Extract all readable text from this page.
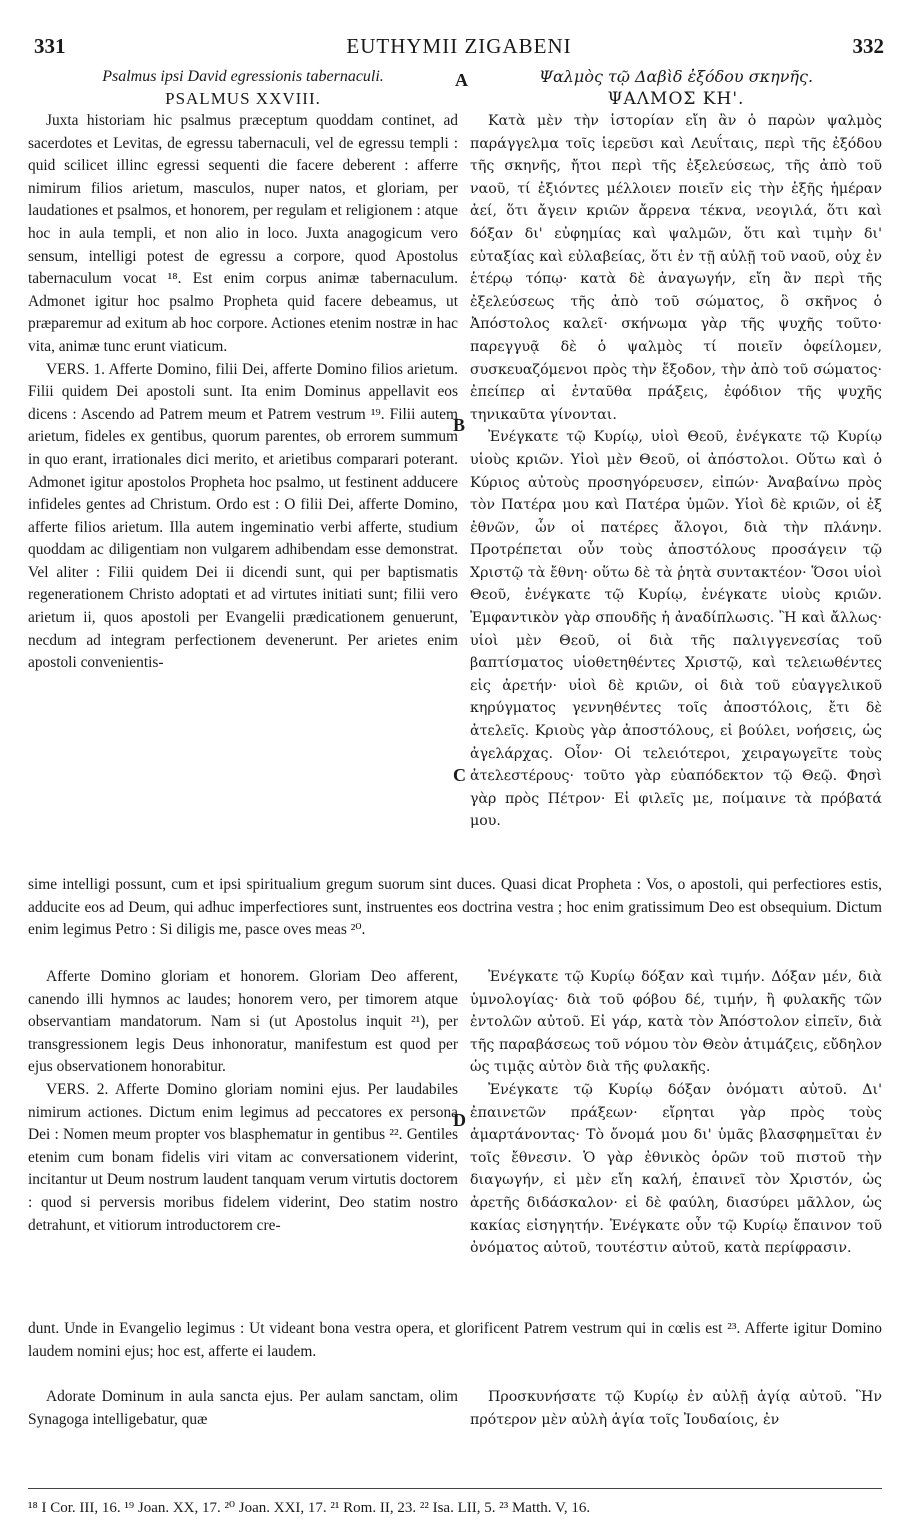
331	EUTHYMII ZIGABENI	332
A
B
C
D

Psalmus ipsi David egressionis tabernaculi.

PSALMUS XXVIII.

Juxta historiam hic psalmus præceptum quoddam continet, ad sacerdotes et Levitas, de egressu tabernaculi, vel de egressu templi : quid scilicet illinc egressi sequenti die facere deberent : afferre nimirum filios arietum, masculos, nuper natos, et gloriam, per laudationes et psalmos, et honorem, per regulam et religionem : atque hoc in aula templi, et non alio in loco. Juxta anagogicum vero sensum, intelligi potest de egressu a corpore, quod Apostolus tabernaculum vocat ¹⁸. Est enim corpus animæ tabernaculum. Admonet igitur hoc psalmo Propheta quid facere debeamus, ut præparemur ad exitum ab hoc corpore. Actiones etenim nostræ in hac vita, animæ tunc erunt viaticum.

VERS. 1. Afferte Domino, filii Dei, afferte Domino filios arietum. Filii quidem Dei apostoli sunt. Ita enim Dominus appellavit eos dicens : Ascendo ad Patrem meum et Patrem vestrum ¹⁹. Filii autem arietum, fideles ex gentibus, quorum parentes, ob errorem summum in quo erant, irrationales dici merito, et arietibus comparari poterant. Admonet igitur apostolos Propheta hoc psalmo, ut festinent adducere infideles gentes ad Christum. Ordo est : O filii Dei, afferte Domino, afferte filios arietum. Illa autem ingeminatio verbi afferte, studium quoddam ac diligentiam non vulgarem adhibendam esse demonstrat. Vel aliter : Filii quidem Dei ii dicendi sunt, qui per baptismatis regenerationem Christo adoptati et ad virtutes initiati sunt; filii vero arietum ii, quos apostoli per Evangelii prædicationem genuerunt, necdum ad integram perfectionem devenerunt. Per arietes enim apostoli convenientis-

Ψαλμὸς τῷ Δαβὶδ ἐξόδου σκηνῆς.

ΨΑΛΜΟΣ ΚΗ'.

Κατὰ μὲν τὴν ἱστορίαν εἴη ἂν ὁ παρὼν ψαλμὸς παράγγελμα τοῖς ἱερεῦσι καὶ Λευΐταις, περὶ τῆς ἐξόδου τῆς σκηνῆς, ἤτοι περὶ τῆς ἐξελεύσεως, τῆς ἀπὸ τοῦ ναοῦ, τί ἐξιόντες μέλλοιεν ποιεῖν εἰς τὴν ἑξῆς ἡμέραν ἀεί, ὅτι ἄγειν κριῶν ἄρρενα τέκνα, νεογιλά, ὅτι καὶ δόξαν δι' εὐφημίας καὶ ψαλμῶν, ὅτι καὶ τιμὴν δι' εὐταξίας καὶ εὐλαβείας, ὅτι ἐν τῇ αὐλῇ τοῦ ναοῦ, οὐχ ἐν ἑτέρῳ τόπῳ· κατὰ δὲ ἀναγωγήν, εἴη ἂν περὶ τῆς ἐξελεύσεως τῆς ἀπὸ τοῦ σώματος, ὃ σκῆνος ὁ Ἀπόστολος καλεῖ· σκήνωμα γὰρ τῆς ψυχῆς τοῦτο· παρεγγυᾷ δὲ ὁ ψαλμὸς τί ποιεῖν ὀφείλομεν, συσκευαζόμενοι πρὸς τὴν ἔξοδον, τὴν ἀπὸ τοῦ σώματος· ἐπείπερ αἱ ἐνταῦθα πράξεις, ἐφόδιον τῆς ψυχῆς τηνικαῦτα γίνονται.

Ἐνέγκατε τῷ Κυρίῳ, υἱοὶ Θεοῦ, ἐνέγκατε τῷ Κυρίῳ υἱοὺς κριῶν. Υἱοὶ μὲν Θεοῦ, οἱ ἀπόστολοι. Οὕτω καὶ ὁ Κύριος αὐτοὺς προσηγόρευσεν, εἰπών· Ἀναβαίνω πρὸς τὸν Πατέρα μου καὶ Πατέρα ὑμῶν. Υἱοὶ δὲ κριῶν, οἱ ἐξ ἐθνῶν, ὧν οἱ πατέρες ἄλογοι, διὰ τὴν πλάνην. Προτρέπεται οὖν τοὺς ἀποστόλους προσάγειν τῷ Χριστῷ τὰ ἔθνη· οὕτω δὲ τὰ ῥητὰ συντακτέον· Ὅσοι υἱοὶ Θεοῦ, ἐνέγκατε τῷ Κυρίῳ, ἐνέγκατε υἱοὺς κριῶν. Ἐμφαντικὸν γὰρ σπουδῆς ἡ ἀναδίπλωσις. Ἢ καὶ ἄλλως· υἱοὶ μὲν Θεοῦ, οἱ διὰ τῆς παλιγγενεσίας τοῦ βαπτίσματος υἱοθετηθέντες Χριστῷ, καὶ τελειωθέντες εἰς ἀρετήν· υἱοὶ δὲ κριῶν, οἱ διὰ τοῦ εὐαγγελικοῦ κηρύγματος γεννηθέντες τοῖς ἀποστόλοις, ἔτι δὲ ἀτελεῖς. Κριοὺς γὰρ ἀποστόλους, εἰ βούλει, νοήσεις, ὡς ἀγελάρχας. Οἷον· Οἱ τελειότεροι, χειραγωγεῖτε τοὺς ἀτελεστέρους· τοῦτο γὰρ εὐαπόδεκτον τῷ Θεῷ. Φησὶ γὰρ πρὸς Πέτρον· Εἰ φιλεῖς με, ποίμαινε τὰ πρόβατά μου.

sime intelligi possunt, cum et ipsi spiritualium gregum suorum sint duces. Quasi dicat Propheta : Vos, o apostoli, qui perfectiores estis, adducite eos ad Deum, qui adhuc imperfectiores sunt, instruentes eos doctrina vestra ; hoc enim gratissimum Deo est obsequium. Dictum enim legimus Petro : Si diligis me, pasce oves meas ²⁰.

Afferte Domino gloriam et honorem. Gloriam Deo afferent, canendo illi hymnos ac laudes; honorem vero, per timorem atque observantiam mandatorum. Nam si (ut Apostolus inquit ²¹), per transgressionem legis Deus inhonoratur, manifestum est quod per ejus observationem honorabitur.

VERS. 2. Afferte Domino gloriam nomini ejus. Per laudabiles nimirum actiones. Dictum enim legimus ad peccatores ex persona Dei : Nomen meum propter vos blasphematur in gentibus ²². Gentiles etenim cum bonam fidelis viri vitam ac conversationem viderint, incitantur ut Deum nostrum laudent tanquam verum virtutis doctorem : quod si perversis moribus fidelem viderint, Deo statim nostro detrahunt, et vitiorum introductorem cre-

Ἐνέγκατε τῷ Κυρίῳ δόξαν καὶ τιμήν. Δόξαν μέν, διὰ ὑμνολογίας· διὰ τοῦ φόβου δέ, τιμήν, ἢ φυλακῆς τῶν ἐντολῶν αὐτοῦ. Εἰ γάρ, κατὰ τὸν Ἀπόστολον εἰπεῖν, διὰ τῆς παραβάσεως τοῦ νόμου τὸν Θεὸν ἀτιμάζεις, εὔδηλον ὡς τιμᾷς αὐτὸν διὰ τῆς φυλακῆς.

Ἐνέγκατε τῷ Κυρίῳ δόξαν ὀνόματι αὐτοῦ. Δι' ἐπαινετῶν πράξεων· εἴρηται γὰρ πρὸς τοὺς ἁμαρτάνοντας· Τὸ ὄνομά μου δι' ὑμᾶς βλασφημεῖται ἐν τοῖς ἔθνεσιν. Ὁ γὰρ ἐθνικὸς ὁρῶν τοῦ πιστοῦ τὴν διαγωγήν, εἰ μὲν εἴη καλή, ἐπαινεῖ τὸν Χριστόν, ὡς ἀρετῆς διδάσκαλον· εἰ δὲ φαύλη, διασύρει μᾶλλον, ὡς κακίας εἰσηγητήν. Ἐνέγκατε οὖν τῷ Κυρίῳ ἔπαινον τοῦ ὀνόματος αὐτοῦ, τουτέστιν αὐτοῦ, κατὰ περίφρασιν.

dunt. Unde in Evangelio legimus : Ut videant bona vestra opera, et glorificent Patrem vestrum qui in cœlis est ²³. Afferte igitur Domino laudem nomini ejus; hoc est, afferte ei laudem.

Adorate Dominum in aula sancta ejus. Per aulam sanctam, olim Synagoga intelligebatur, quæ

Προσκυνήσατε τῷ Κυρίῳ ἐν αὐλῇ ἁγίᾳ αὐτοῦ. Ἣν πρότερον μὲν αὐλὴ ἁγία τοῖς Ἰουδαίοις, ἐν

¹⁸ I Cor. III, 16. ¹⁹ Joan. XX, 17. ²⁰ Joan. XXI, 17. ²¹ Rom. II, 23. ²² Isa. LII, 5. ²³ Matth. V, 16.
